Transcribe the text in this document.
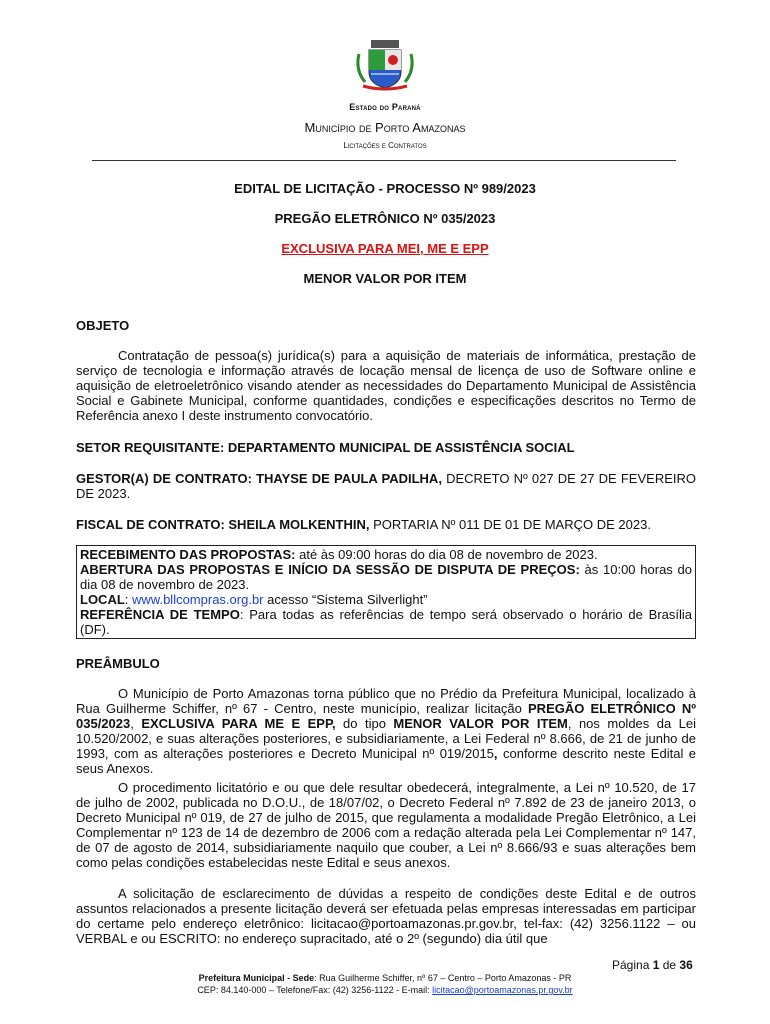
Estado do Paraná
Município de Porto Amazonas
Licitações e Contratos
EDITAL DE LICITAÇÃO - PROCESSO Nº 989/2023
PREGÃO ELETRÔNICO Nº 035/2023
EXCLUSIVA PARA MEI, ME E EPP
MENOR VALOR POR ITEM
OBJETO
Contratação de pessoa(s) jurídica(s) para a aquisição de materiais de informática, prestação de serviço de tecnologia e informação através de locação mensal de licença de uso de Software online e aquisição de eletroeletrônico visando atender as necessidades do Departamento Municipal de Assistência Social e Gabinete Municipal, conforme quantidades, condições e especificações descritos no Termo de Referência anexo I deste instrumento convocatório.
SETOR REQUISITANTE: DEPARTAMENTO MUNICIPAL DE ASSISTÊNCIA SOCIAL
GESTOR(A) DE CONTRATO: THAYSE DE PAULA PADILHA, DECRETO Nº 027 DE 27 DE FEVEREIRO DE 2023.
FISCAL DE CONTRATO: SHEILA MOLKENTHIN, PORTARIA Nº 011 DE 01 DE MARÇO DE 2023.
RECEBIMENTO DAS PROPOSTAS: até às 09:00 horas do dia 08 de novembro de 2023.
ABERTURA DAS PROPOSTAS E INÍCIO DA SESSÃO DE DISPUTA DE PREÇOS: às 10:00 horas do dia 08 de novembro de 2023.
LOCAL: www.bllcompras.org.br acesso “Sistema Silverlight”
REFERÊNCIA DE TEMPO: Para todas as referências de tempo será observado o horário de Brasília (DF).
PREÂMBULO
O Município de Porto Amazonas torna público que no Prédio da Prefeitura Municipal, localizado à Rua Guilherme Schiffer, nº 67 - Centro, neste município, realizar licitação PREGÃO ELETRÔNICO Nº 035/2023, EXCLUSIVA PARA ME E EPP, do tipo MENOR VALOR POR ITEM, nos moldes da Lei 10.520/2002, e suas alterações posteriores, e subsidiariamente, a Lei Federal nº 8.666, de 21 de junho de 1993, com as alterações posteriores e Decreto Municipal nº 019/2015, conforme descrito neste Edital e seus Anexos.
O procedimento licitatório e ou que dele resultar obedecerá, integralmente, a Lei nº 10.520, de 17 de julho de 2002, publicada no D.O.U., de 18/07/02, o Decreto Federal nº 7.892 de 23 de janeiro 2013, o Decreto Municipal nº 019, de 27 de julho de 2015, que regulamenta a modalidade Pregão Eletrônico, a Lei Complementar nº 123 de 14 de dezembro de 2006 com a redação alterada pela Lei Complementar nº 147, de 07 de agosto de 2014, subsidiariamente naquilo que couber, a Lei nº 8.666/93 e suas alterações bem como pelas condições estabelecidas neste Edital e seus anexos.
A solicitação de esclarecimento de dúvidas a respeito de condições deste Edital e de outros assuntos relacionados a presente licitação deverá ser efetuada pelas empresas interessadas em participar do certame pelo endereço eletrônico: licitacao@portoamazonas.pr.gov.br, tel-fax: (42) 3256.1122 – ou VERBAL e ou ESCRITO: no endereço supracitado, até o 2º (segundo) dia útil que
Página 1 de 36
Prefeitura Municipal - Sede: Rua Guilherme Schiffer, nº 67 – Centro – Porto Amazonas - PR
CEP: 84.140-000 – Telefone/Fax: (42) 3256-1122 - E-mail: licitacao@portoamazonas.pr.gov.br
